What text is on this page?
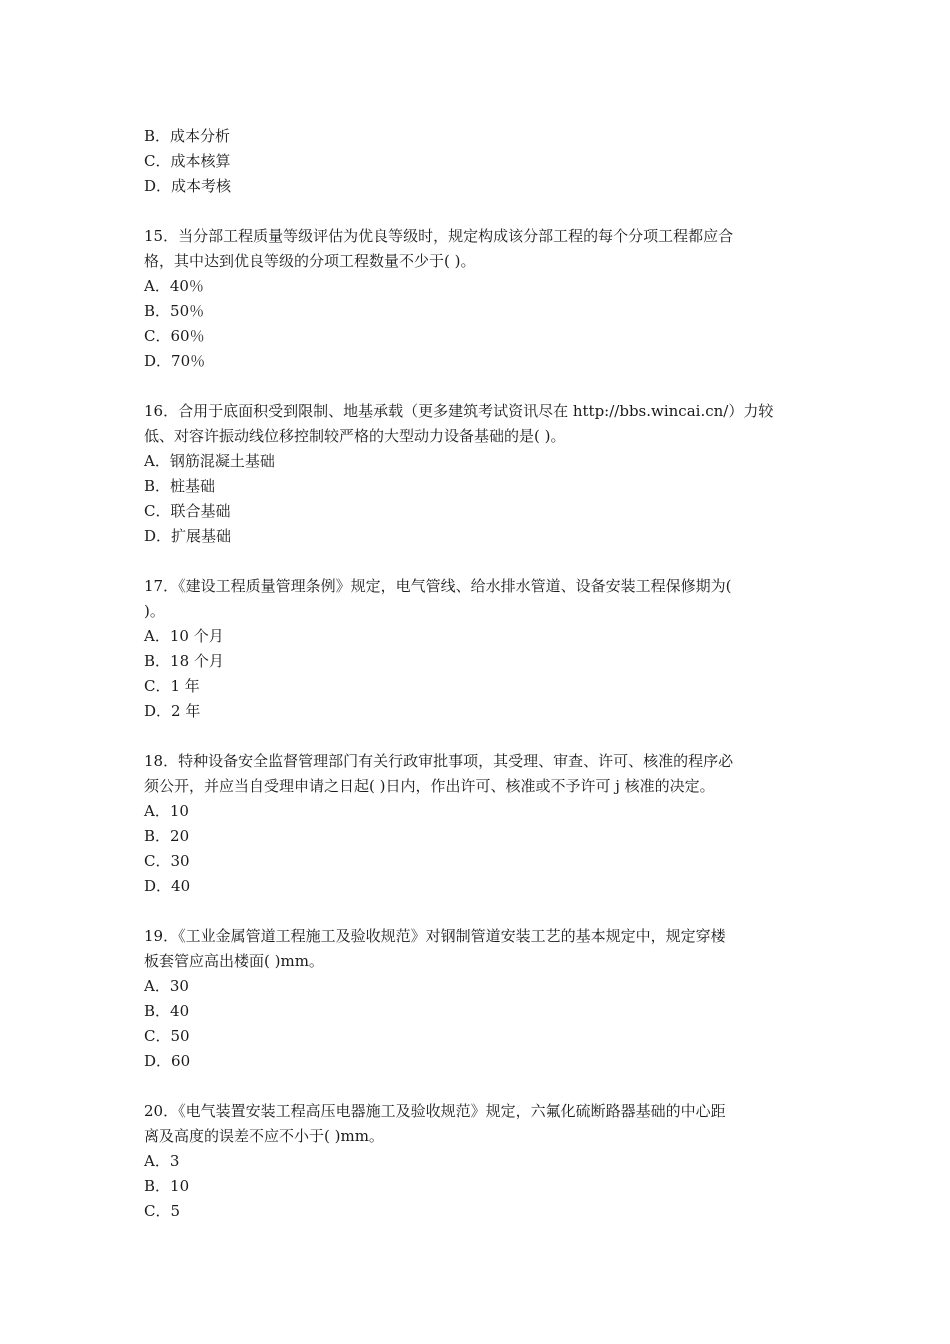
B．成本分析
C．成本核算
D．成本考核
15．当分部工程质量等级评估为优良等级时，规定构成该分部工程的每个分项工程都应合
格，其中达到优良等级的分项工程数量不少于( )。
A．40％
B．50％
C．60％
D．70％
16．合用于底面积受到限制、地基承载（更多建筑考试资讯尽在 http://bbs.wincai.cn/）力较
低、对容许振动线位移控制较严格的大型动力设备基础的是( )。
A．钢筋混凝土基础
B．桩基础
C．联合基础
D．扩展基础
17．《建设工程质量管理条例》规定，电气管线、给水排水管道、设备安装工程保修期为(
)。
A．10 个月
B．18 个月
C．1 年
D．2 年
18．特种设备安全监督管理部门有关行政审批事项，其受理、审查、许可、核准的程序必
须公开，并应当自受理申请之日起( )日内，作出许可、核准或不予许可 j 核准的决定。
A．10
B．20
C．30
D．40
19．《工业金属管道工程施工及验收规范》对钢制管道安装工艺的基本规定中，规定穿楼
板套管应高出楼面( )mm。
A．30
B．40
C．50
D．60
20．《电气装置安装工程高压电器施工及验收规范》规定，六氟化硫断路器基础的中心距
离及高度的误差不应不小于( )mm。
A．3
B．10
C．5
